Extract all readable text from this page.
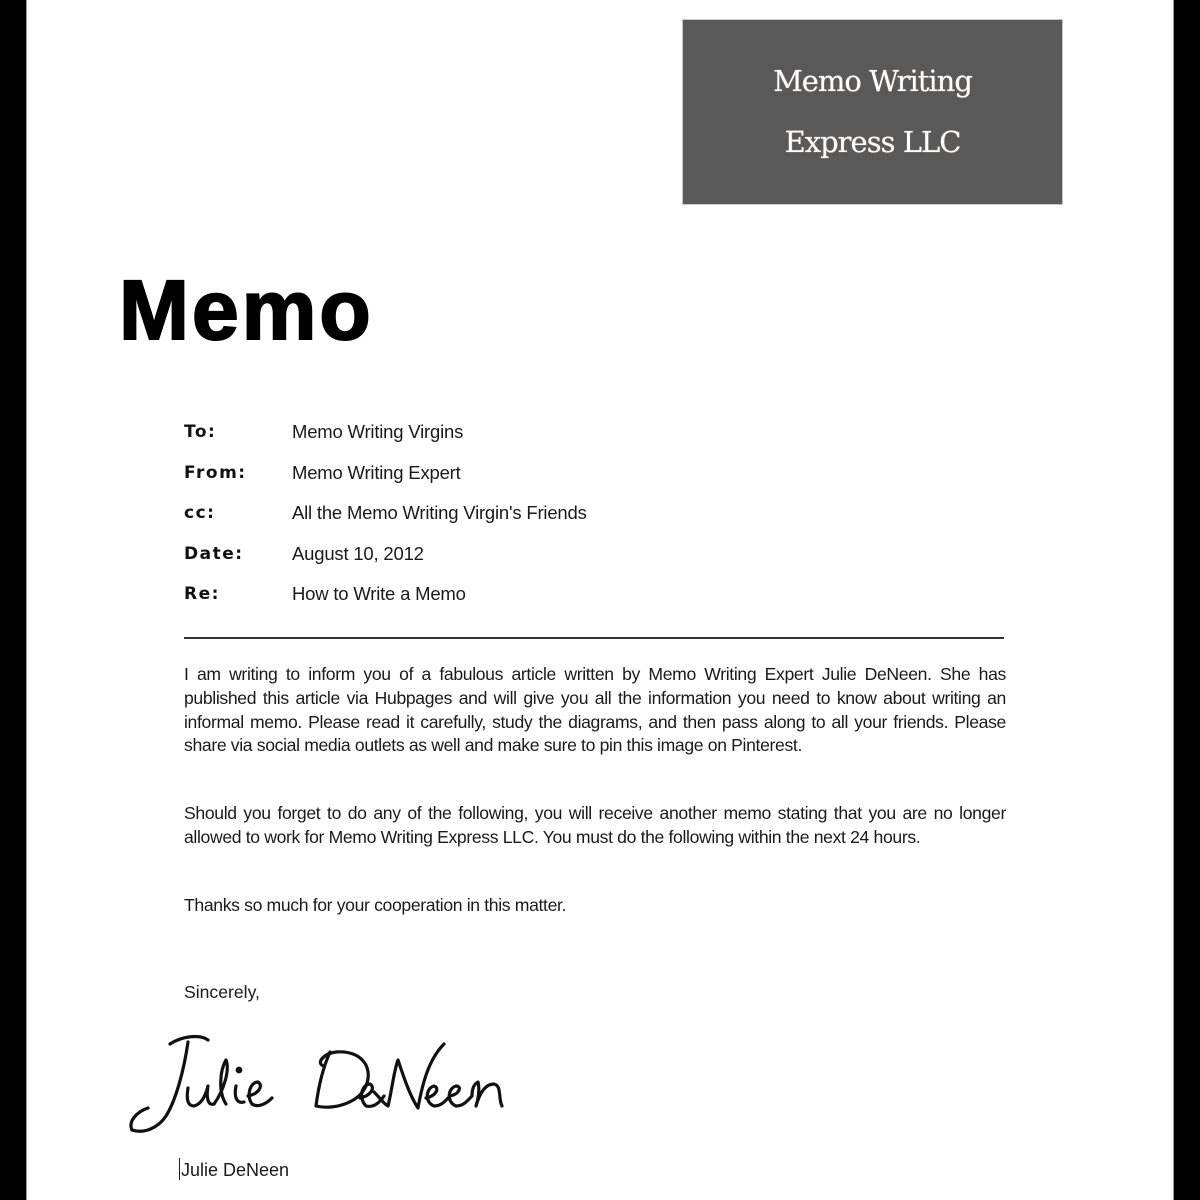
Memo Writing
Express LLC
Memo
To:	Memo Writing Virgins
From:	Memo Writing Expert
cc:	All the Memo Writing Virgin's Friends
Date:	August 10, 2012
Re:	How to Write a Memo

I am writing to inform you of a fabulous article written by Memo Writing Expert Julie DeNeen. She has published this article via Hubpages and will give you all the information you need to know about writing an informal memo. Please read it carefully, study the diagrams, and then pass along to all your friends. Please share via social media outlets as well and make sure to pin this image on Pinterest.

Should you forget to do any of the following, you will receive another memo stating that you are no longer allowed to work for Memo Writing Express LLC. You must do the following within the next 24 hours.

Thanks so much for your cooperation in this matter.

Sincerely,
Julie DeNeen
